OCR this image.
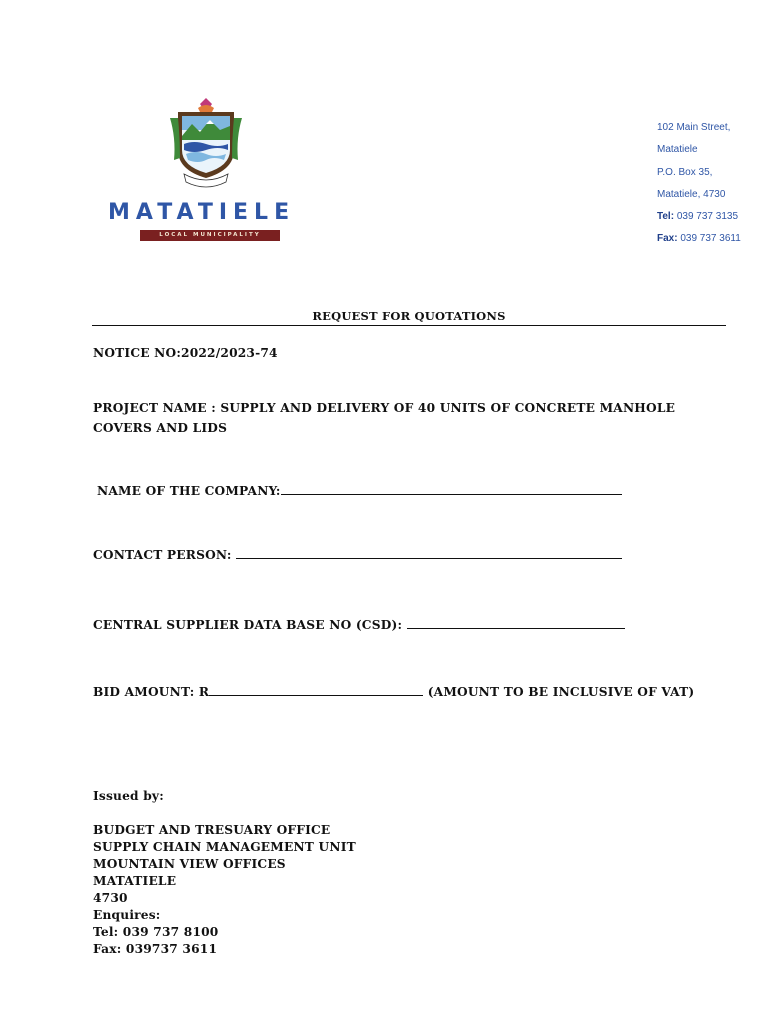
MATATIELE
LOCAL MUNICIPALITY
102 Main Street,
Matatiele
P.O. Box 35,
Matatiele, 4730
Tel: 039 737 3135
Fax: 039 737 3611
REQUEST FOR QUOTATIONS
NOTICE NO:2022/2023-74
PROJECT NAME : SUPPLY AND DELIVERY OF 40 UNITS OF CONCRETE MANHOLE COVERS AND LIDS
NAME OF THE COMPANY:
CONTACT PERSON:
CENTRAL SUPPLIER DATA BASE NO (CSD):
BID AMOUNT: R	(AMOUNT TO BE INCLUSIVE OF VAT)
Issued by:
BUDGET AND TRESUARY OFFICE
SUPPLY CHAIN MANAGEMENT UNIT
MOUNTAIN VIEW OFFICES
MATATIELE
4730
Enquires:
Tel: 039 737 8100
Fax: 039737 3611
